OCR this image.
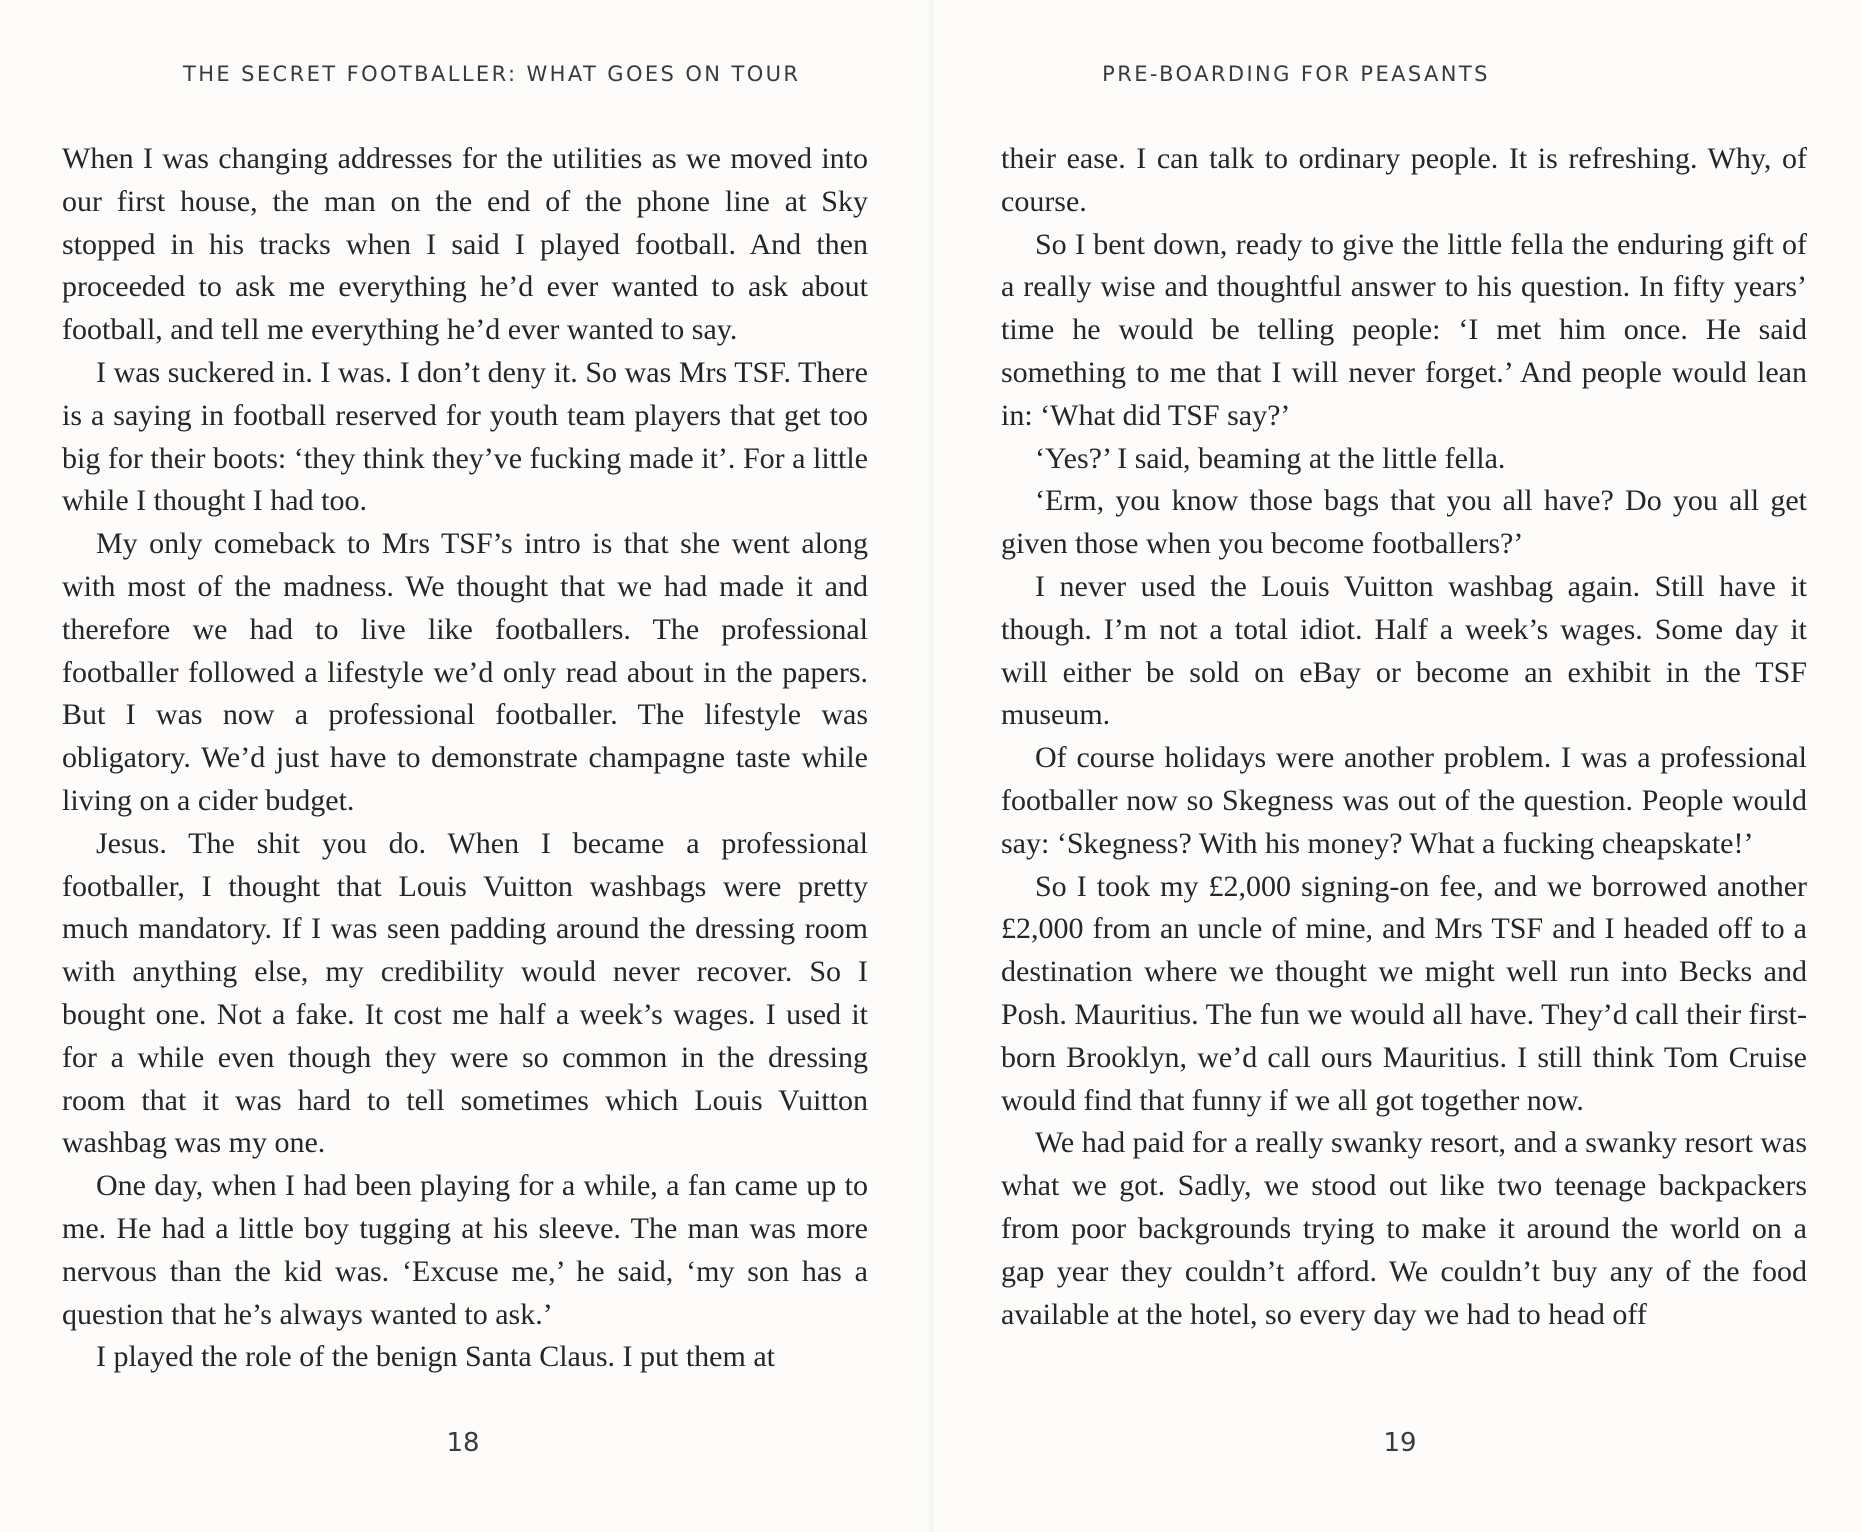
THE SECRET FOOTBALLER: WHAT GOES ON TOUR

When I was changing addresses for the utilities as we moved into our first house, the man on the end of the phone line at Sky stopped in his tracks when I said I played football. And then proceeded to ask me everything he’d ever wanted to ask about football, and tell me everything he’d ever wanted to say.

I was suckered in. I was. I don’t deny it. So was Mrs TSF. There is a saying in football reserved for youth team players that get too big for their boots: ‘they think they’ve fucking made it’. For a little while I thought I had too.

My only comeback to Mrs TSF’s intro is that she went along with most of the madness. We thought that we had made it and therefore we had to live like footballers. The professional footballer followed a lifestyle we’d only read about in the papers. But I was now a professional footballer. The lifestyle was obligatory. We’d just have to demonstrate champagne taste while living on a cider budget.

Jesus. The shit you do. When I became a professional footballer, I thought that Louis Vuitton washbags were pretty much mandatory. If I was seen padding around the dressing room with anything else, my credibility would never recover. So I bought one. Not a fake. It cost me half a week’s wages. I used it for a while even though they were so common in the dressing room that it was hard to tell sometimes which Louis Vuitton washbag was my one.

One day, when I had been playing for a while, a fan came up to me. He had a little boy tugging at his sleeve. The man was more nervous than the kid was. ‘Excuse me,’ he said, ‘my son has a question that he’s always wanted to ask.’

I played the role of the benign Santa Claus. I put them at

18
PRE-BOARDING FOR PEASANTS

their ease. I can talk to ordinary people. It is refreshing. Why, of course.

So I bent down, ready to give the little fella the enduring gift of a really wise and thoughtful answer to his question. In fifty years’ time he would be telling people: ‘I met him once. He said something to me that I will never forget.’ And people would lean in: ‘What did TSF say?’

‘Yes?’ I said, beaming at the little fella.

‘Erm, you know those bags that you all have? Do you all get given those when you become footballers?’

I never used the Louis Vuitton washbag again. Still have it though. I’m not a total idiot. Half a week’s wages. Some day it will either be sold on eBay or become an exhibit in the TSF museum.

Of course holidays were another problem. I was a professional footballer now so Skegness was out of the question. People would say: ‘Skegness? With his money? What a fucking cheapskate!’

So I took my £2,000 signing-on fee, and we borrowed another £2,000 from an uncle of mine, and Mrs TSF and I headed off to a destination where we thought we might well run into Becks and Posh. Mauritius. The fun we would all have. They’d call their first-born Brooklyn, we’d call ours Mauritius. I still think Tom Cruise would find that funny if we all got together now.

We had paid for a really swanky resort, and a swanky resort was what we got. Sadly, we stood out like two teenage backpackers from poor backgrounds trying to make it around the world on a gap year they couldn’t afford. We couldn’t buy any of the food available at the hotel, so every day we had to head off

19
